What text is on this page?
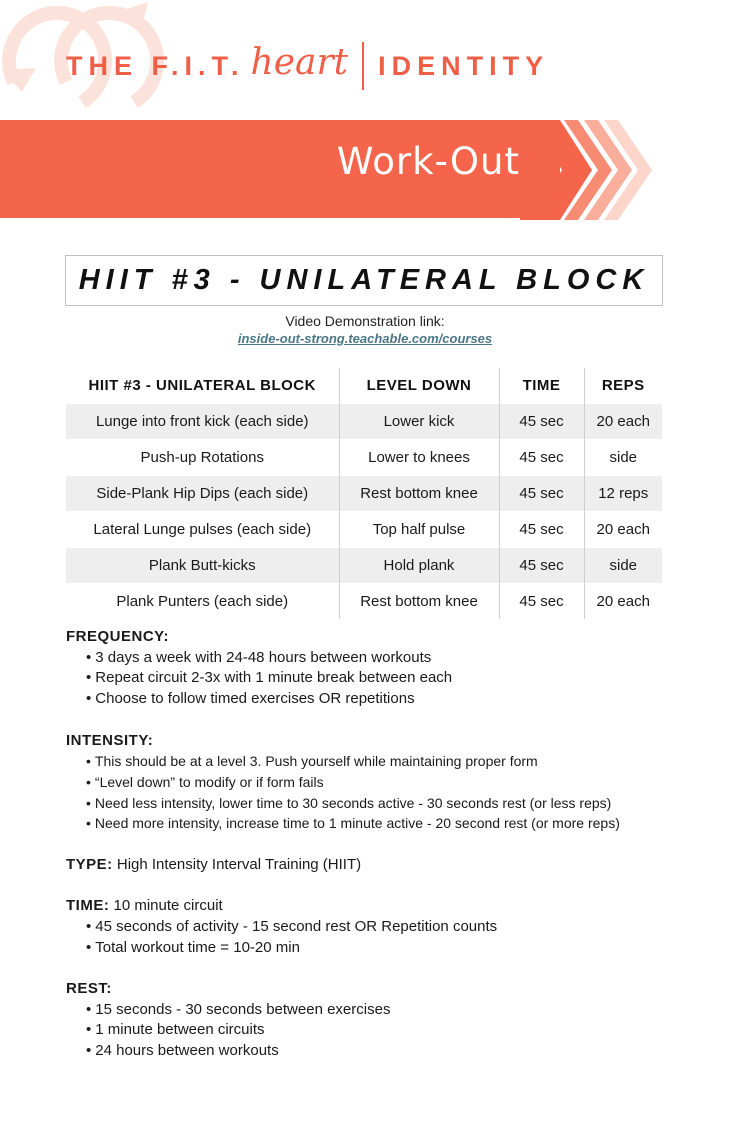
THE F.I.T. heart IDENTITY
Work-Out
HIIT #3 - UNILATERAL BLOCK
Video Demonstration link:
inside-out-strong.teachable.com/courses
HIIT #3 - UNILATERAL BLOCK	LEVEL DOWN	TIME	REPS
Lunge into front kick (each side)	Lower kick	45 sec	20 each
Push-up Rotations	Lower to knees	45 sec	side
Side-Plank Hip Dips (each side)	Rest bottom knee	45 sec	12 reps
Lateral Lunge pulses (each side)	Top half pulse	45 sec	20 each
Plank Butt-kicks	Hold plank	45 sec	side
Plank Punters (each side)	Rest bottom knee	45 sec	20 each
FREQUENCY:
• 3 days a week with 24-48 hours between workouts
• Repeat circuit 2-3x with 1 minute break between each
• Choose to follow timed exercises OR repetitions
INTENSITY:
• This should be at a level 3. Push yourself while maintaining proper form
• “Level down” to modify or if form fails
• Need less intensity, lower time to 30 seconds active - 30 seconds rest (or less reps)
• Need more intensity, increase time to 1 minute active - 20 second rest (or more reps)
TYPE: High Intensity Interval Training (HIIT)
TIME: 10 minute circuit
• 45 seconds of activity - 15 second rest OR Repetition counts
• Total workout time = 10-20 min
REST:
• 15 seconds - 30 seconds between exercises
• 1 minute between circuits
• 24 hours between workouts
